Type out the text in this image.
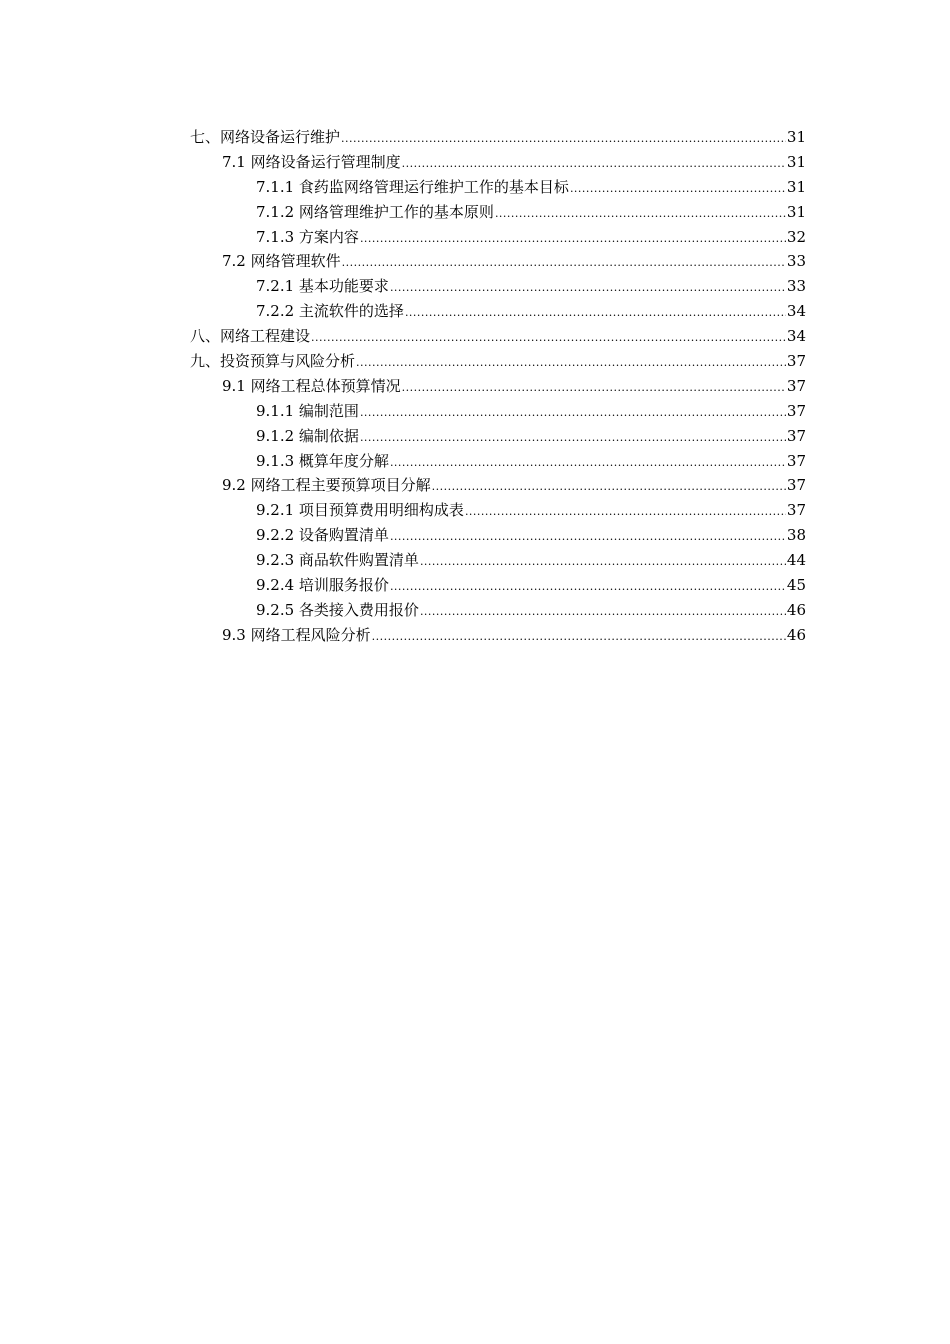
七、网络设备运行维护 .....	31
7.1 网络设备运行管理制度 .....	31
7.1.1 食药监网络管理运行维护工作的基本目标 .....	31
7.1.2 网络管理维护工作的基本原则 .....	31
7.1.3 方案内容 .....	32
7.2 网络管理软件 .....	33
7.2.1 基本功能要求 .....	33
7.2.2 主流软件的选择 .....	34
八、网络工程建设 .....	34
九、投资预算与风险分析 .....	37
9.1 网络工程总体预算情况 .....	37
9.1.1 编制范围 .....	37
9.1.2 编制依据 .....	37
9.1.3 概算年度分解 .....	37
9.2 网络工程主要预算项目分解 .....	37
9.2.1 项目预算费用明细构成表 .....	37
9.2.2 设备购置清单 .....	38
9.2.3 商品软件购置清单 .....	44
9.2.4 培训服务报价 .....	45
9.2.5 各类接入费用报价 .....	46
9.3 网络工程风险分析 .....	46
